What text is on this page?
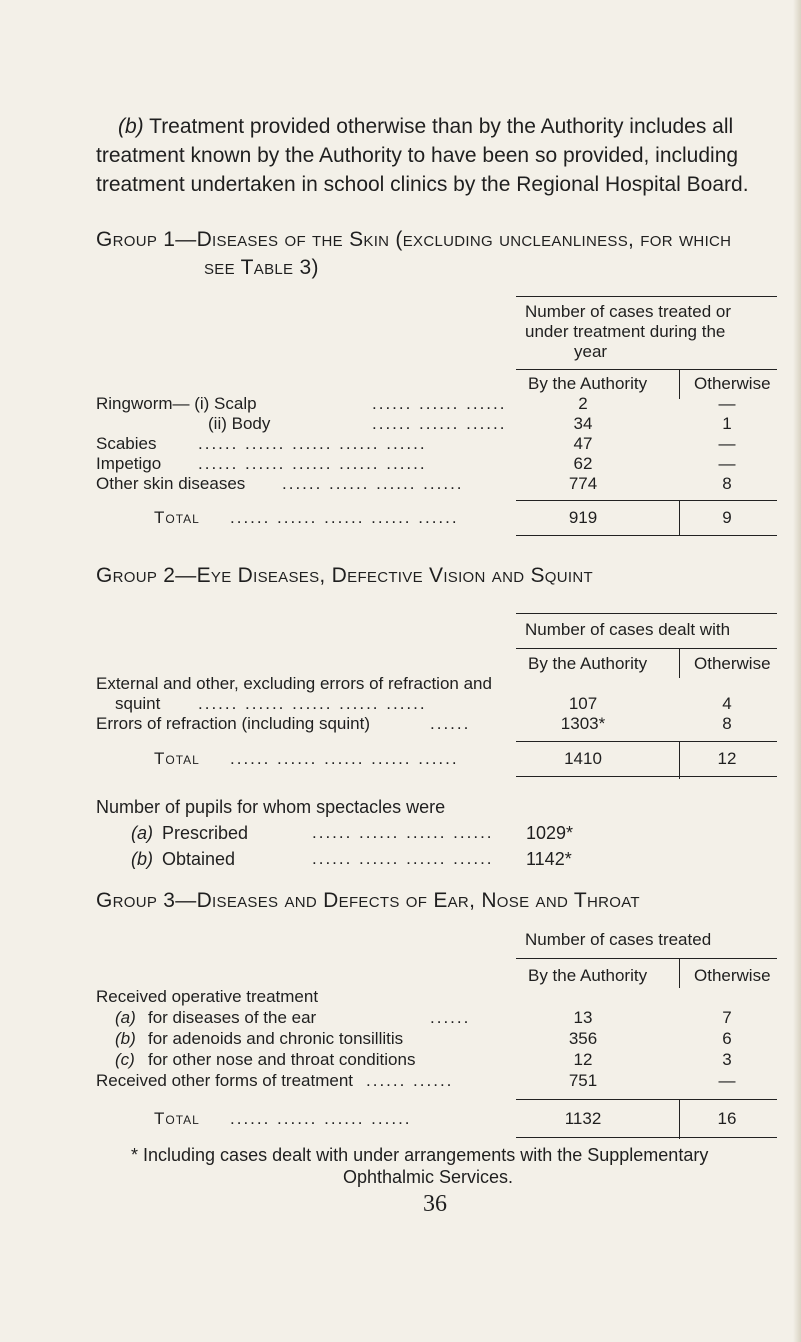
(b) Treatment provided otherwise than by the Authority includes all treatment known by the Authority to have been so provided, including treatment undertaken in school clinics by the Regional Hospital Board.
Group 1—Diseases of the Skin (excluding uncleanliness, for which
see Table 3)
Number of cases treated or
under treatment during the
year
By the Authority	Otherwise
Ringworm— (i) Scalp	...... ...... ......	2	—
(ii) Body	...... ...... ......	34	1
Scabies ...... ...... ...... ...... ......	47	—
Impetigo ...... ...... ...... ...... ......	62	—
Other skin diseases ...... ...... ...... ......	774	8
Total ...... ...... ...... ...... ......	919	9
Group 2—Eye Diseases, Defective Vision and Squint
Number of cases dealt with
By the Authority	Otherwise
External and other, excluding errors of refraction and
squint ...... ...... ...... ...... ......	107	4
Errors of refraction (including squint)	......	1303*	8
Total ...... ...... ...... ...... ......	1410	12
Number of pupils for whom spectacles were
(a) Prescribed	...... ...... ...... ...... 1029*
(b) Obtained	...... ...... ...... ...... 1142*
Group 3—Diseases and Defects of Ear, Nose and Throat
Number of cases treated
By the Authority	Otherwise
Received operative treatment
(a) for diseases of the ear	......	13	7
(b) for adenoids and chronic tonsillitis	356	6
(c) for other nose and throat conditions	12	3
Received other forms of treatment ...... ......	751	—
Total ...... ...... ...... ......	1132	16
* Including cases dealt with under arrangements with the Supplementary
Ophthalmic Services.
36
